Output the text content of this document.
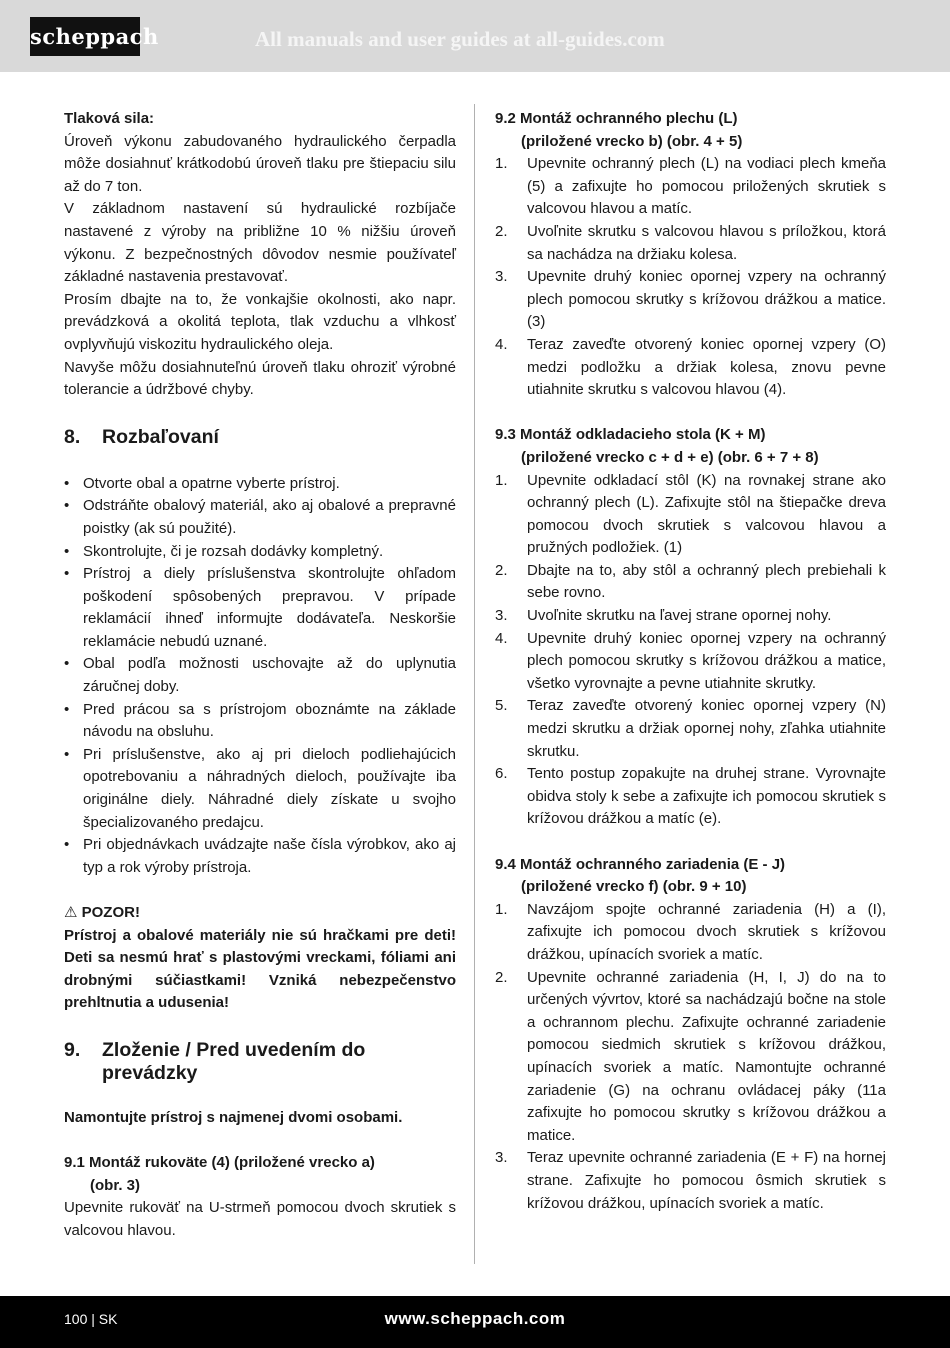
scheppach	All manuals and user guides at all-guides.com

Tlaková sila:

Úroveň výkonu zabudovaného hydraulického čerpadla môže dosiahnuť krátkodobú úroveň tlaku pre štiepaciu silu až do 7 ton.

V základnom nastavení sú hydraulické rozbíjače nastavené z výroby na približne 10 % nižšiu úroveň výkonu. Z bezpečnostných dôvodov nesmie používateľ základné nastavenia prestavovať.

Prosím dbajte na to, že vonkajšie okolnosti, ako napr. prevádzková a okolitá teplota, tlak vzduchu a vlhkosť ovplyvňujú viskozitu hydraulického oleja.

Navyše môžu dosiahnuteľnú úroveň tlaku ohroziť výrobné tolerancie a údržbové chyby.

8.	Rozbaľovaní
• Otvorte obal a opatrne vyberte prístroj.
• Odstráňte obalový materiál, ako aj obalové a prepravné poistky (ak sú použité).
• Skontrolujte, či je rozsah dodávky kompletný.
• Prístroj a diely príslušenstva skontrolujte ohľadom poškodení spôsobených prepravou. V prípade reklamácií ihneď informujte dodávateľa. Neskoršie reklamácie nebudú uznané.
• Obal podľa možnosti uschovajte až do uplynutia záručnej doby.
• Pred prácou sa s prístrojom oboznámte na základe návodu na obsluhu.
• Pri príslušenstve, ako aj pri dieloch podliehajúcich opotrebovaniu a náhradných dieloch, používajte iba originálne diely. Náhradné diely získate u svojho špecializovaného predajcu.
• Pri objednávkach uvádzajte naše čísla výrobkov, ako aj typ a rok výroby prístroja.

⚠ POZOR!

Prístroj a obalové materiály nie sú hračkami pre deti! Deti sa nesmú hrať s plastovými vreckami, fóliami ani drobnými súčiastkami! Vzniká nebezpečenstvo prehltnutia a udusenia!

9.	Zloženie / Pred uvedením do prevádzky

Namontujte prístroj s najmenej dvomi osobami.

9.1 Montáž rukoväte (4) (priložené vrecko a)

(obr. 3)

Upevnite rukoväť na U-strmeň pomocou dvoch skrutiek s valcovou hlavou.

9.2 Montáž ochranného plechu (L)

(priložené vrecko b) (obr. 4 + 5)

1.	Upevnite ochranný plech (L) na vodiaci plech kmeňa (5) a zafixujte ho pomocou priložených skrutiek s valcovou hlavou a matíc.
2.	Uvoľnite skrutku s valcovou hlavou s príložkou, ktorá sa nachádza na držiaku kolesa.
3.	Upevnite druhý koniec opornej vzpery na ochranný plech pomocou skrutky s krížovou drážkou a matice. (3)
4.	Teraz zaveďte otvorený koniec opornej vzpery (O) medzi podložku a držiak kolesa, znovu pevne utiahnite skrutku s valcovou hlavou (4).

9.3 Montáž odkladacieho stola (K + M)

(priložené vrecko c + d + e) (obr. 6 + 7 + 8)

1.	Upevnite odkladací stôl (K) na rovnakej strane ako ochranný plech (L). Zafixujte stôl na štiepačke dreva pomocou dvoch skrutiek s valcovou hlavou a pružných podložiek. (1)
2.	Dbajte na to, aby stôl a ochranný plech prebiehali k sebe rovno.
3.	Uvoľnite skrutku na ľavej strane opornej nohy.
4.	Upevnite druhý koniec opornej vzpery na ochranný plech pomocou skrutky s krížovou drážkou a matice, všetko vyrovnajte a pevne utiahnite skrutky.
5.	Teraz zaveďte otvorený koniec opornej vzpery (N) medzi skrutku a držiak opornej nohy, zľahka utiahnite skrutku.
6.	Tento postup zopakujte na druhej strane. Vyrovnajte obidva stoly k sebe a zafixujte ich pomocou skrutiek s krížovou drážkou a matíc (e).

9.4 Montáž ochranného zariadenia (E - J)

(priložené vrecko f) (obr. 9 + 10)

1.	Navzájom spojte ochranné zariadenia (H) a (I), zafixujte ich pomocou dvoch skrutiek s krížovou drážkou, upínacích svoriek a matíc.
2.	Upevnite ochranné zariadenia (H, I, J) do na to určených vývrtov, ktoré sa nachádzajú bočne na stole a ochrannom plechu. Zafixujte ochranné zariadenie pomocou siedmich skrutiek s krížovou drážkou, upínacích svoriek a matíc. Namontujte ochranné zariadenie (G) na ochranu ovládacej páky (11a zafixujte ho pomocou skrutky s krížovou drážkou a matice.
3.	Teraz upevnite ochranné zariadenia (E + F) na hornej strane. Zafixujte ho pomocou ôsmich skrutiek s krížovou drážkou, upínacích svoriek a matíc.
100 | SK	www.scheppach.com
